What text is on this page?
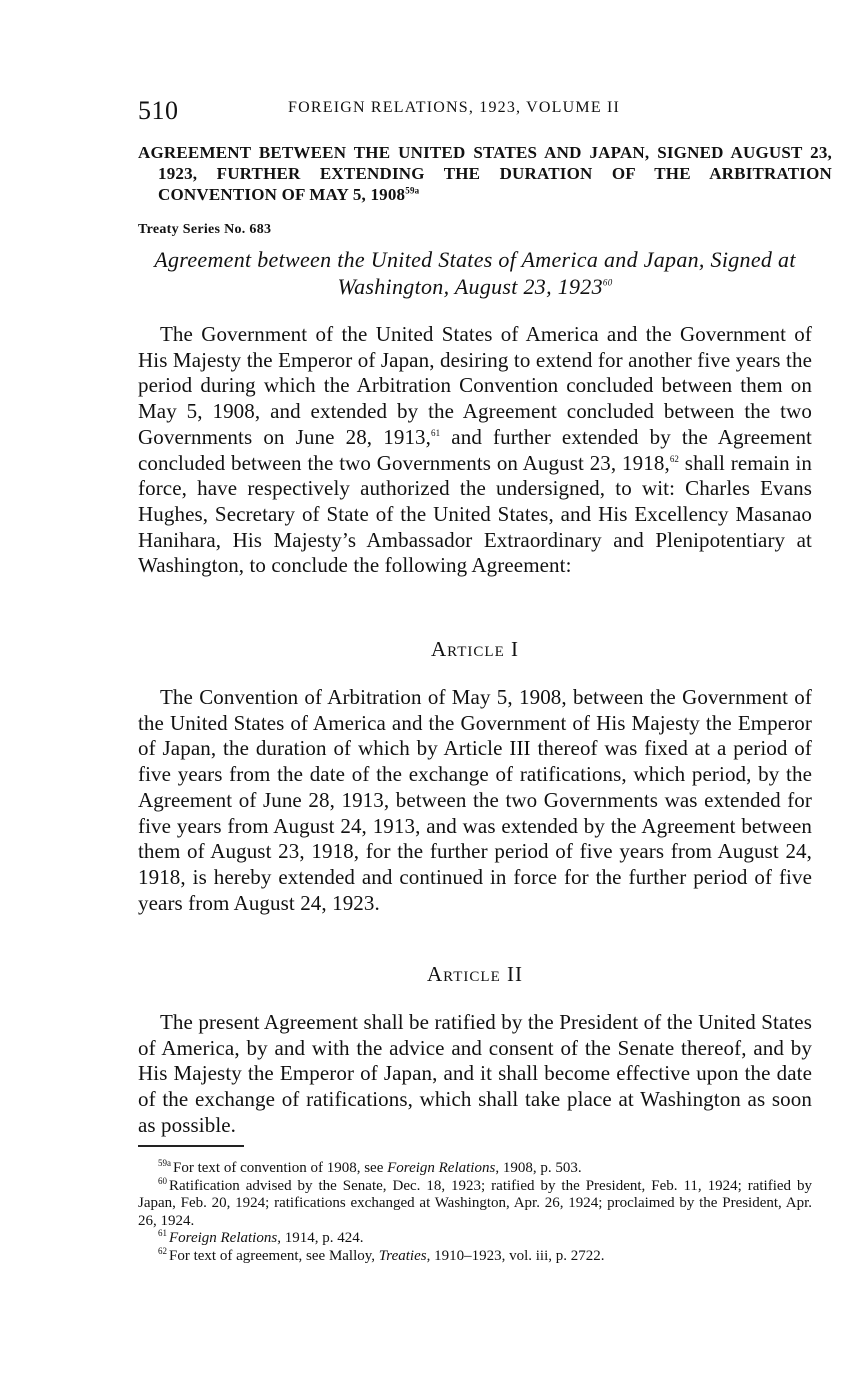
510	FOREIGN RELATIONS, 1923, VOLUME II

AGREEMENT BETWEEN THE UNITED STATES AND JAPAN, SIGNED AUGUST 23, 1923, FURTHER EXTENDING THE DURATION OF THE ARBITRATION CONVENTION OF MAY 5, $1908^{59a}$

Treaty Series No. 683
Agreement between the United States of America and Japan, Signed at Washington, August 23, 1923$^{60}$

The Government of the United States of America and the Government of His Majesty the Emperor of Japan, desiring to extend for another five years the period during which the Arbitration Convention concluded between them on May 5, 1908, and extended by the Agreement concluded between the two Governments on June 28, 1913,61 and further extended by the Agreement concluded between the two Governments on August 23, 1918,62 shall remain in force, have respectively authorized the undersigned, to wit: Charles Evans Hughes, Secretary of State of the United States, and His Excellency Masanao Hanihara, His Majesty’s Ambassador Extraordinary and Plenipotentiary at Washington, to conclude the following Agreement:

Article I

The Convention of Arbitration of May 5, 1908, between the Government of the United States of America and the Government of His Majesty the Emperor of Japan, the duration of which by Article III thereof was fixed at a period of five years from the date of the exchange of ratifications, which period, by the Agreement of June 28, 1913, between the two Governments was extended for five years from August 24, 1913, and was extended by the Agreement between them of August 23, 1918, for the further period of five years from August 24, 1918, is hereby extended and continued in force for the further period of five years from August 24, 1923.

Article II

The present Agreement shall be ratified by the President of the United States of America, by and with the advice and consent of the Senate thereof, and by His Majesty the Emperor of Japan, and it shall become effective upon the date of the exchange of ratifications, which shall take place at Washington as soon as possible.

$^{59a}$ For text of convention of 1908, see Foreign Relations, 1908, p. 503.

$^{60}$ Ratification advised by the Senate, Dec. 18, 1923; ratified by the President, Feb. 11, 1924; ratified by Japan, Feb. 20, 1924; ratifications exchanged at Washington, Apr. 26, 1924; proclaimed by the President, Apr. 26, 1924.

$^{61}$ Foreign Relations, 1914, p. 424.

$^{62}$ For text of agreement, see Malloy, Treaties, 1910–1923, vol. iii, p. 2722.
